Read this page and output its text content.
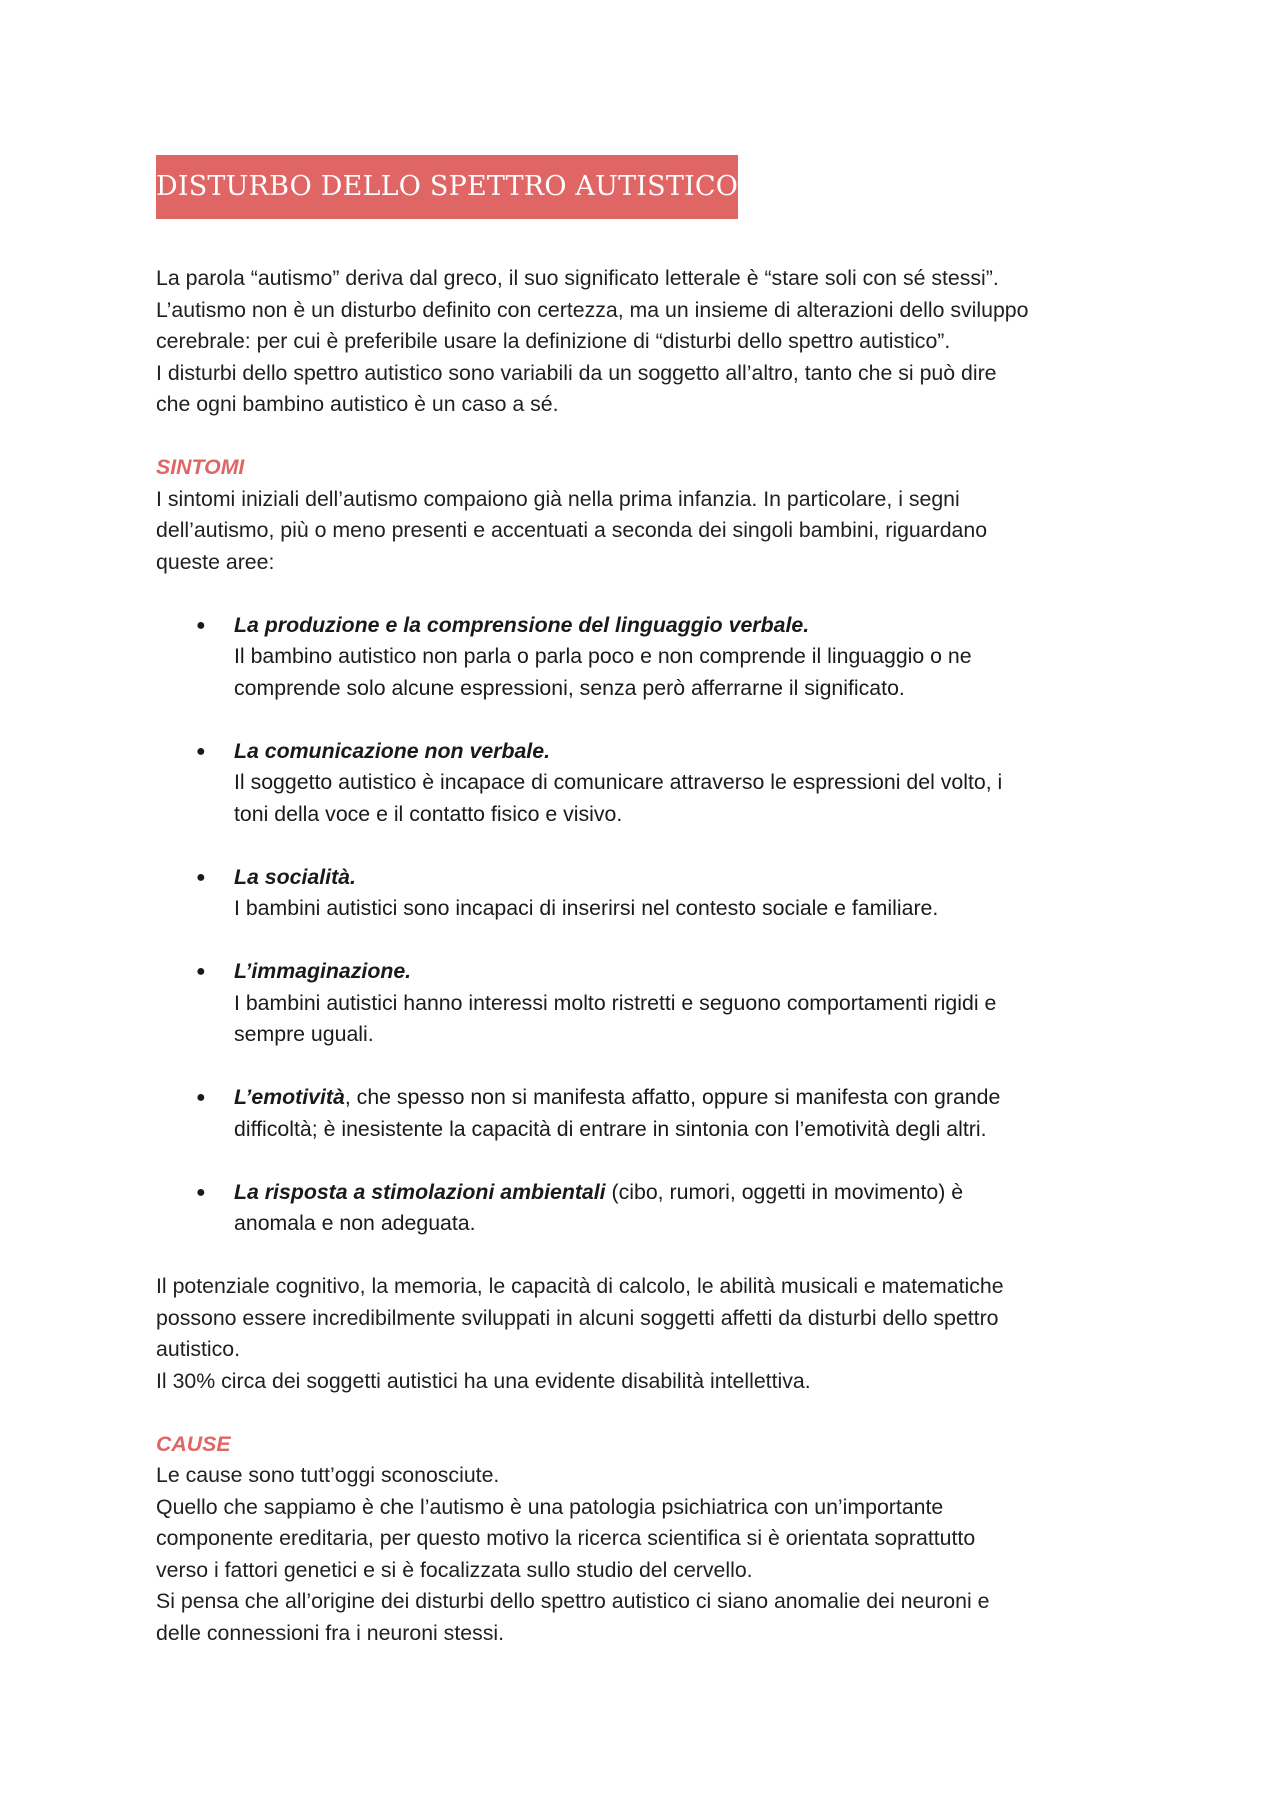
DISTURBO DELLO SPETTRO AUTISTICO

La parola “autismo” deriva dal greco, il suo significato letterale è “stare soli con sé stessi”.

L’autismo non è un disturbo definito con certezza, ma un insieme di alterazioni dello sviluppo

cerebrale: per cui è preferibile usare la definizione di “disturbi dello spettro autistico”.

I disturbi dello spettro autistico sono variabili da un soggetto all’altro, tanto che si può dire

che ogni bambino autistico è un caso a sé.

SINTOMI

I sintomi iniziali dell’autismo compaiono già nella prima infanzia. In particolare, i segni

dell’autismo, più o meno presenti e accentuati a seconda dei singoli bambini, riguardano

queste aree:

● La produzione e la comprensione del linguaggio verbale.
Il bambino autistico non parla o parla poco e non comprende il linguaggio o ne
comprende solo alcune espressioni, senza però afferrarne il significato.
● La comunicazione non verbale.
Il soggetto autistico è incapace di comunicare attraverso le espressioni del volto, i
toni della voce e il contatto fisico e visivo.
● La socialità.
I bambini autistici sono incapaci di inserirsi nel contesto sociale e familiare.
● L’immaginazione.
I bambini autistici hanno interessi molto ristretti e seguono comportamenti rigidi e
sempre uguali.
● L’emotività, che spesso non si manifesta affatto, oppure si manifesta con grande
difficoltà; è inesistente la capacità di entrare in sintonia con l’emotività degli altri.
● La risposta a stimolazioni ambientali (cibo, rumori, oggetti in movimento) è
anomala e non adeguata.

Il potenziale cognitivo, la memoria, le capacità di calcolo, le abilità musicali e matematiche

possono essere incredibilmente sviluppati in alcuni soggetti affetti da disturbi dello spettro

autistico.

Il 30% circa dei soggetti autistici ha una evidente disabilità intellettiva.

CAUSE

Le cause sono tutt’oggi sconosciute.

Quello che sappiamo è che l’autismo è una patologia psichiatrica con un’importante

componente ereditaria, per questo motivo la ricerca scientifica si è orientata soprattutto

verso i fattori genetici e si è focalizzata sullo studio del cervello.

Si pensa che all’origine dei disturbi dello spettro autistico ci siano anomalie dei neuroni e

delle connessioni fra i neuroni stessi.
